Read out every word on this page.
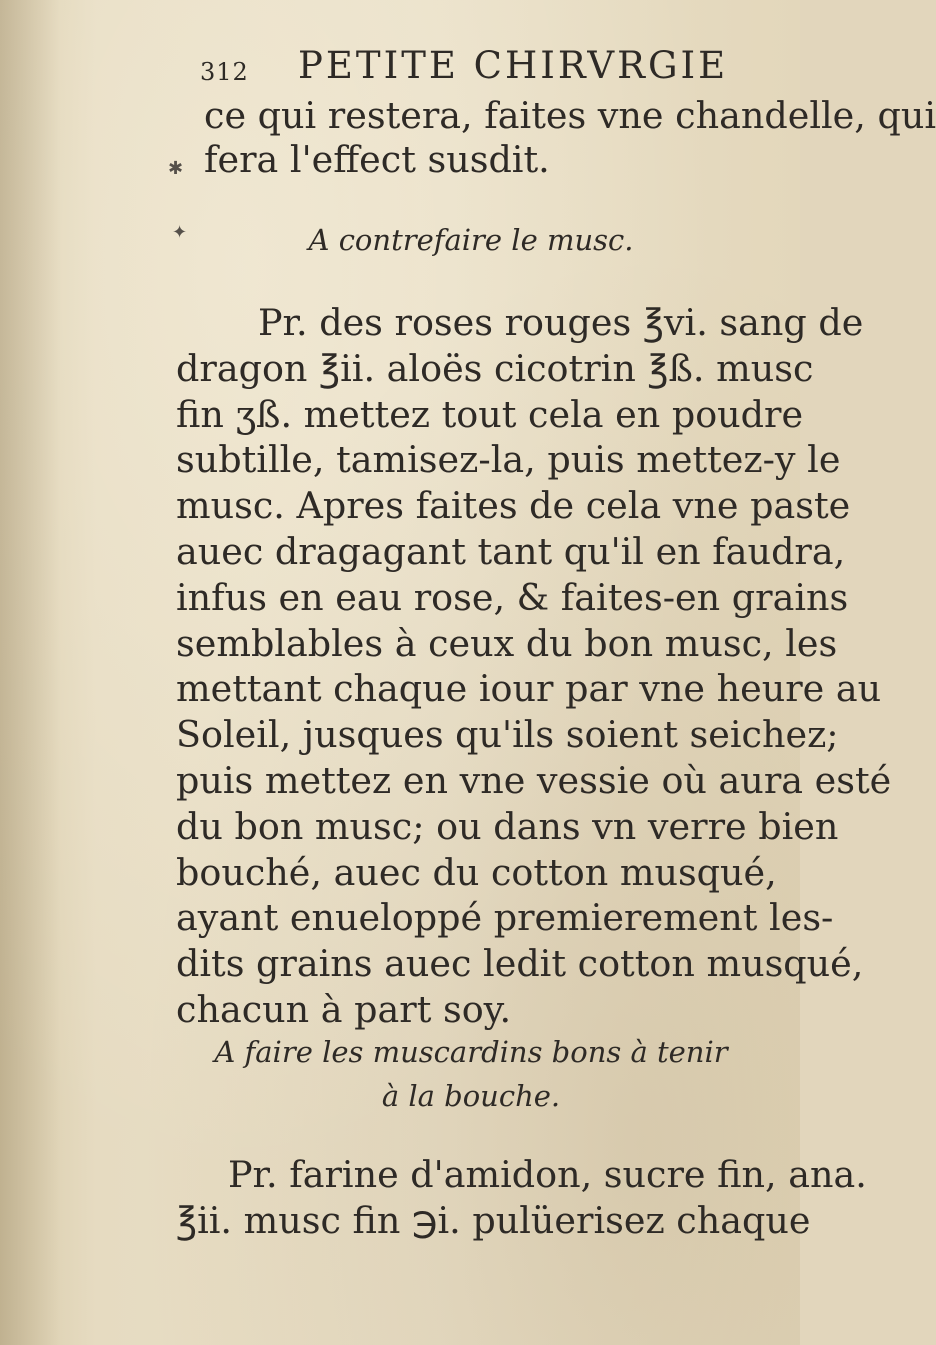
✱
✦
312 PETITE CHIRVRGIE
ce qui restera, faites vne chandelle, qui
fera l'effect susdit.
A contrefaire le musc.
Pr. des roses rouges ℥vi. sang de
dragon ℥ii. aloës cicotrin ℥ß. musc
fin ʒß. mettez tout cela en poudre
subtille, tamisez-la, puis mettez-y le
musc. Apres faites de cela vne paste
auec dragagant tant qu'il en faudra,
infus en eau rose, & faites-en grains
semblables à ceux du bon musc, les
mettant chaque iour par vne heure au
Soleil, jusques qu'ils soient seichez;
puis mettez en vne vessie où aura esté
du bon musc; ou dans vn verre bien
bouché, auec du cotton musqué,
ayant enueloppé premierement les-
dits grains auec ledit cotton musqué,
chacun à part soy.
A faire les muscardins bons à tenir
à la bouche.
Pr. farine d'amidon, sucre fin, ana.
℥ii. musc fin ℈i. pulüerisez chaque
